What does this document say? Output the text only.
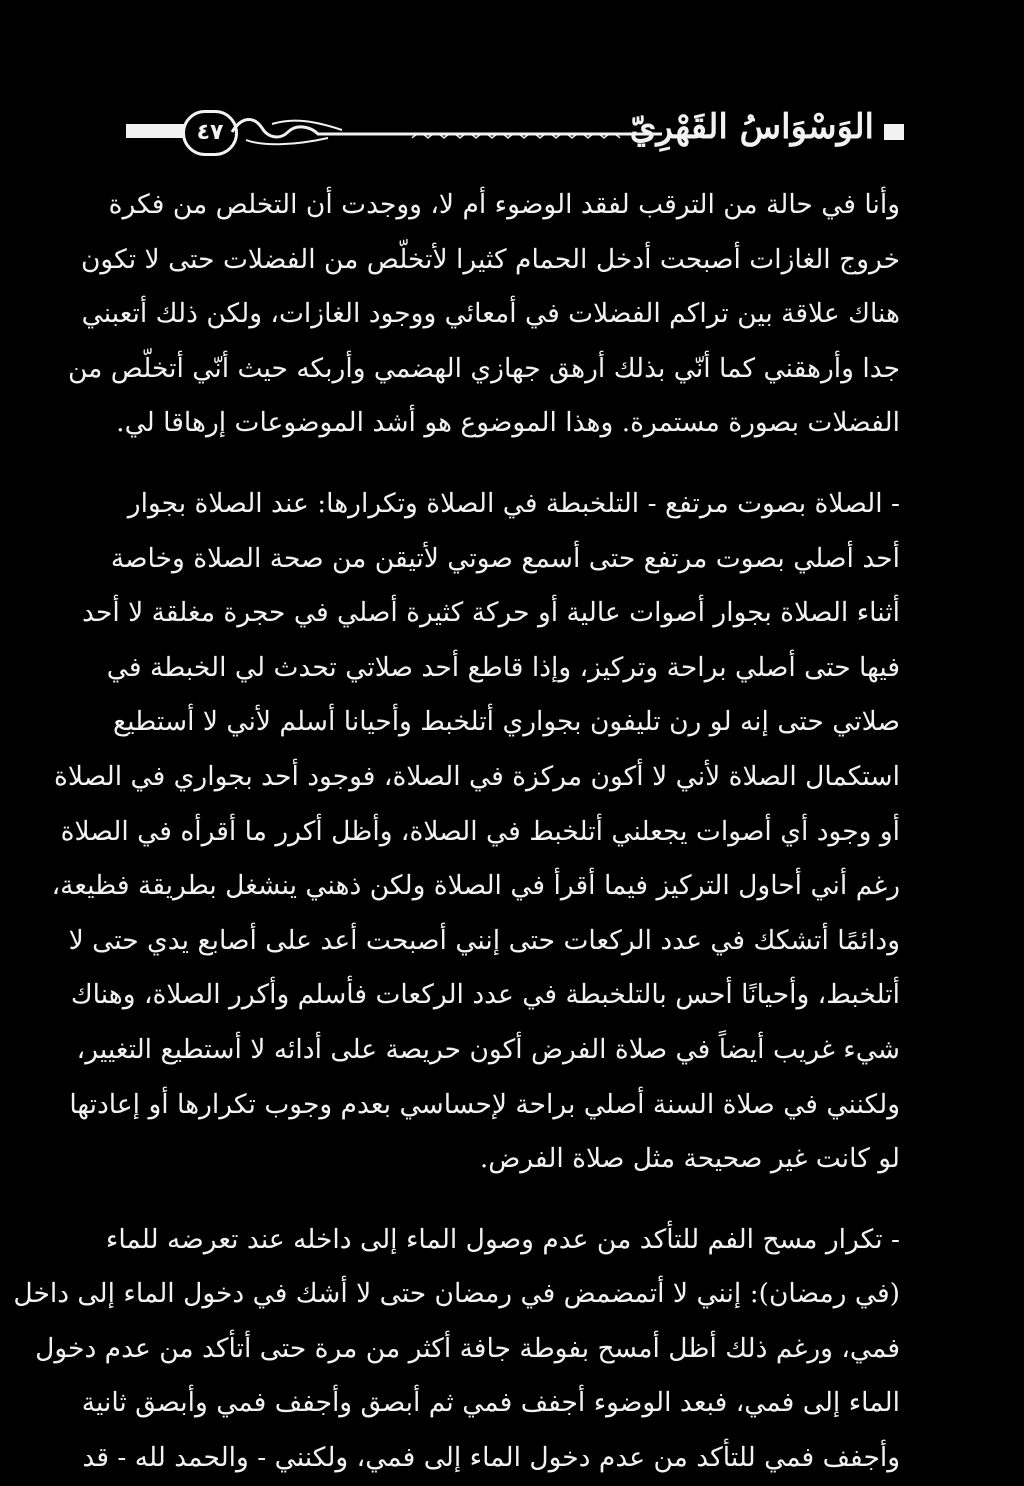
٤٧	الوَسْوَاسُ القَهْرِيّ
وأنا في حالة من الترقب لفقد الوضوء أم لا، ووجدت أن التخلص من فكرة
خروج الغازات أصبحت أدخل الحمام كثيرا لأتخلّص من الفضلات حتى لا تكون
هناك علاقة بين تراكم الفضلات في أمعائي ووجود الغازات، ولكن ذلك أتعبني
جدا وأرهقني كما أنّي بذلك أرهق جهازي الهضمي وأربكه حيث أنّي أتخلّص من
الفضلات بصورة مستمرة. وهذا الموضوع هو أشد الموضوعات إرهاقا لي.
- الصلاة بصوت مرتفع - التلخبطة في الصلاة وتكرارها: عند الصلاة بجوار
أحد أصلي بصوت مرتفع حتى أسمع صوتي لأتيقن من صحة الصلاة وخاصة
أثناء الصلاة بجوار أصوات عالية أو حركة كثيرة أصلي في حجرة مغلقة لا أحد
فيها حتى أصلي براحة وتركيز، وإذا قاطع أحد صلاتي تحدث لي الخبطة في
صلاتي حتى إنه لو رن تليفون بجواري أتلخبط وأحيانا أسلم لأني لا أستطيع
استكمال الصلاة لأني لا أكون مركزة في الصلاة، فوجود أحد بجواري في الصلاة
أو وجود أي أصوات يجعلني أتلخبط في الصلاة، وأظل أكرر ما أقرأه في الصلاة
رغم أني أحاول التركيز فيما أقرأ في الصلاة ولكن ذهني ينشغل بطريقة فظيعة،
ودائمًا أتشكك في عدد الركعات حتى إنني أصبحت أعد على أصابع يدي حتى لا
أتلخبط، وأحيانًا أحس بالتلخبطة في عدد الركعات فأسلم وأكرر الصلاة، وهناك
شيء غريب أيضاً في صلاة الفرض أكون حريصة على أدائه لا أستطيع التغيير،
ولكنني في صلاة السنة أصلي براحة لإحساسي بعدم وجوب تكرارها أو إعادتها
لو كانت غير صحيحة مثل صلاة الفرض.
- تكرار مسح الفم للتأكد من عدم وصول الماء إلى داخله عند تعرضه للماء
(في رمضان): إنني لا أتمضمض في رمضان حتى لا أشك في دخول الماء إلى داخل
فمي، ورغم ذلك أظل أمسح بفوطة جافة أكثر من مرة حتى أتأكد من عدم دخول
الماء إلى فمي، فبعد الوضوء أجفف فمي ثم أبصق وأجفف فمي وأبصق ثانية
وأجفف فمي للتأكد من عدم دخول الماء إلى فمي، ولكنني - والحمد لله - قد
